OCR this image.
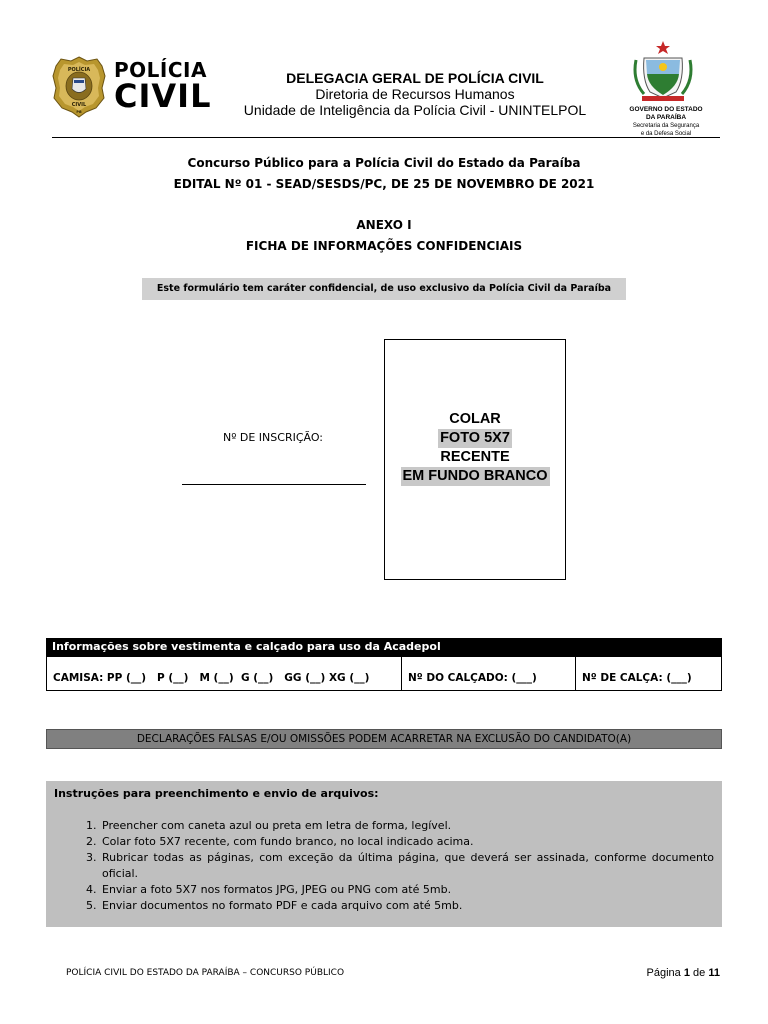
POLÍCIA
CIVIL
PB
POLÍCIA
CIVIL	DELEGACIA GERAL DE POLÍCIA CIVIL
Diretoria de Recursos Humanos
Unidade de Inteligência da Polícia Civil - UNINTELPOL	GOVERNO DO ESTADO
DA PARAÍBA
Secretaria da Segurança
e da Defesa Social
Concurso Público para a Polícia Civil do Estado da Paraíba
EDITAL Nº 01 - SEAD/SESDS/PC, DE 25 DE NOVEMBRO DE 2021
ANEXO I
FICHA DE INFORMAÇÕES CONFIDENCIAIS
Este formulário tem caráter confidencial, de uso exclusivo da Polícia Civil da Paraíba
Nº DE INSCRIÇÃO:
COLAR
FOTO 5X7
RECENTE
EM FUNDO BRANCO
Informações sobre vestimenta e calçado para uso da Acadepol
CAMISA: PP (__)   P (__)   M (__)  G (__)   GG (__) XG (__)	Nº DO CALÇADO: (___)	Nº DE CALÇA: (___)
DECLARAÇÕES FALSAS E/OU OMISSÕES PODEM ACARRETAR NA EXCLUSÃO DO CANDIDATO(A)
Instruções para preenchimento e envio de arquivos:
1. Preencher com caneta azul ou preta em letra de forma, legível.
2. Colar foto 5X7 recente, com fundo branco, no local indicado acima.
3. Rubricar todas as páginas, com exceção da última página, que deverá ser assinada, conforme documento oficial.
4. Enviar a foto 5X7 nos formatos JPG, JPEG ou PNG com até 5mb.
5. Enviar documentos no formato PDF e cada arquivo com até 5mb.
POLÍCIA CIVIL DO ESTADO DA PARAÍBA – CONCURSO PÚBLICO	Página 1 de 11
